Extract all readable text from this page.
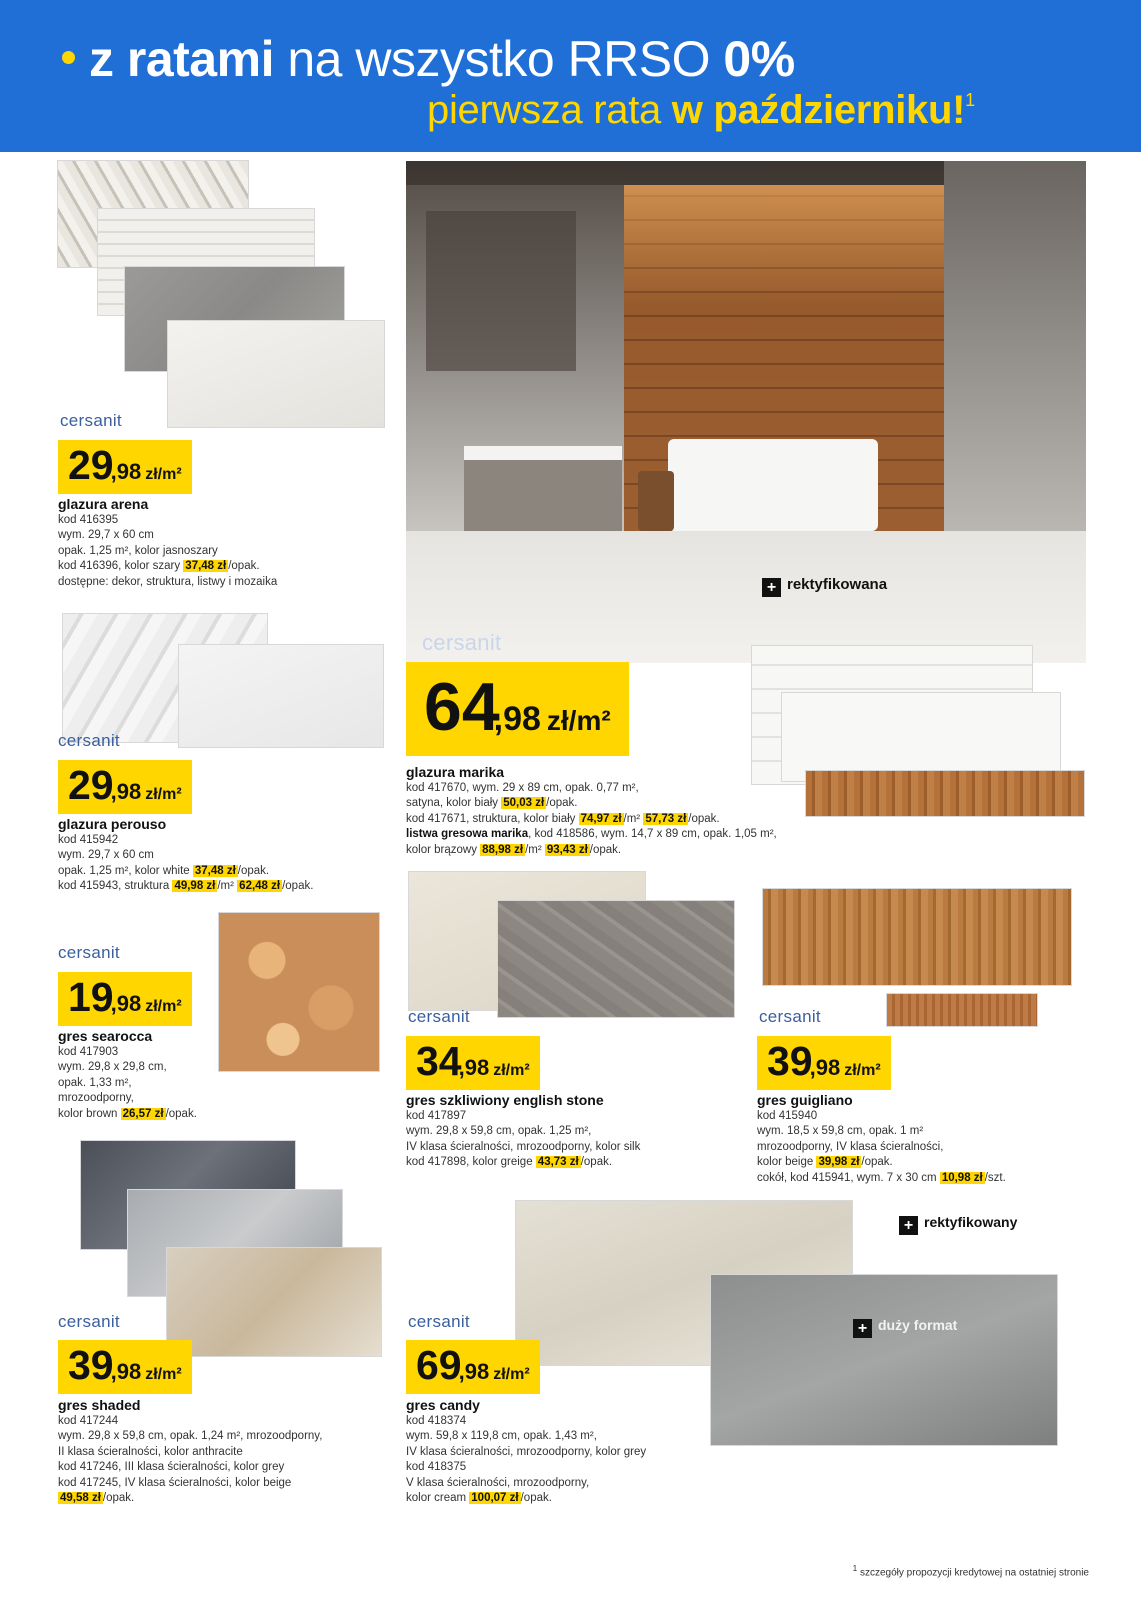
z ratami na wszystko RRSO 0%
pierwsza rata w październiku!$^1$
cersanit
29,98 zł/m²
glazura arena
kod 416395
wym. 29,7 x 60 cm
opak. 1,25 m², kolor jasnoszary
kod 416396, kolor szary 37,48 zł /opak.
dostępne: dekor, struktura, listwy i mozaika
cersanit
+ rektyfikowana
64,98 zł/m²
glazura marika
kod 417670, wym. 29 x 89 cm, opak. 0,77 m²,
satyna, kolor biały 50,03 zł /opak.
kod 417671, struktura, kolor biały 74,97 zł /m² 57,73 zł /opak.
listwa gresowa marika, kod 418586, wym. 14,7 x 89 cm, opak. 1,05 m²,
kolor brązowy 88,98 zł /m² 93,43 zł /opak.
cersanit
29,98 zł/m²
glazura perouso
kod 415942
wym. 29,7 x 60 cm
opak. 1,25 m², kolor white 37,48 zł /opak.
kod 415943, struktura 49,98 zł /m² 62,48 zł /opak.
cersanit
19,98 zł/m²
gres searocca
kod 417903
wym. 29,8 x 29,8 cm,
opak. 1,33 m²,
mrozoodporny,
kolor brown 26,57 zł /opak.
cersanit
34,98 zł/m²
gres szkliwiony english stone
kod 417897
wym. 29,8 x 59,8 cm, opak. 1,25 m²,
IV klasa ścieralności, mrozoodporny, kolor silk
kod 417898, kolor greige 43,73 zł /opak.
cersanit
39,98 zł/m²
gres guigliano
kod 415940
wym. 18,5 x 59,8 cm, opak. 1 m²
mrozoodporny, IV klasa ścieralności,
kolor beige 39,98 zł /opak.
cokół, kod 415941, wym. 7 x 30 cm 10,98 zł /szt.
cersanit
39,98 zł/m²
gres shaded
kod 417244
wym. 29,8 x 59,8 cm, opak. 1,24 m², mrozoodporny,
II klasa ścieralności, kolor anthracite
kod 417246, III klasa ścieralności, kolor grey
kod 417245, IV klasa ścieralności, kolor beige
49,58 zł /opak.
+ rektyfikowany
+ duży format
cersanit
69,98 zł/m²
gres candy
kod 418374
wym. 59,8 x 119,8 cm, opak. 1,43 m²,
IV klasa ścieralności, mrozoodporny, kolor grey
kod 418375
V klasa ścieralności, mrozoodporny,
kolor cream 100,07 zł /opak.
$^1$ szczegóły propozycji kredytowej na ostatniej stronie
